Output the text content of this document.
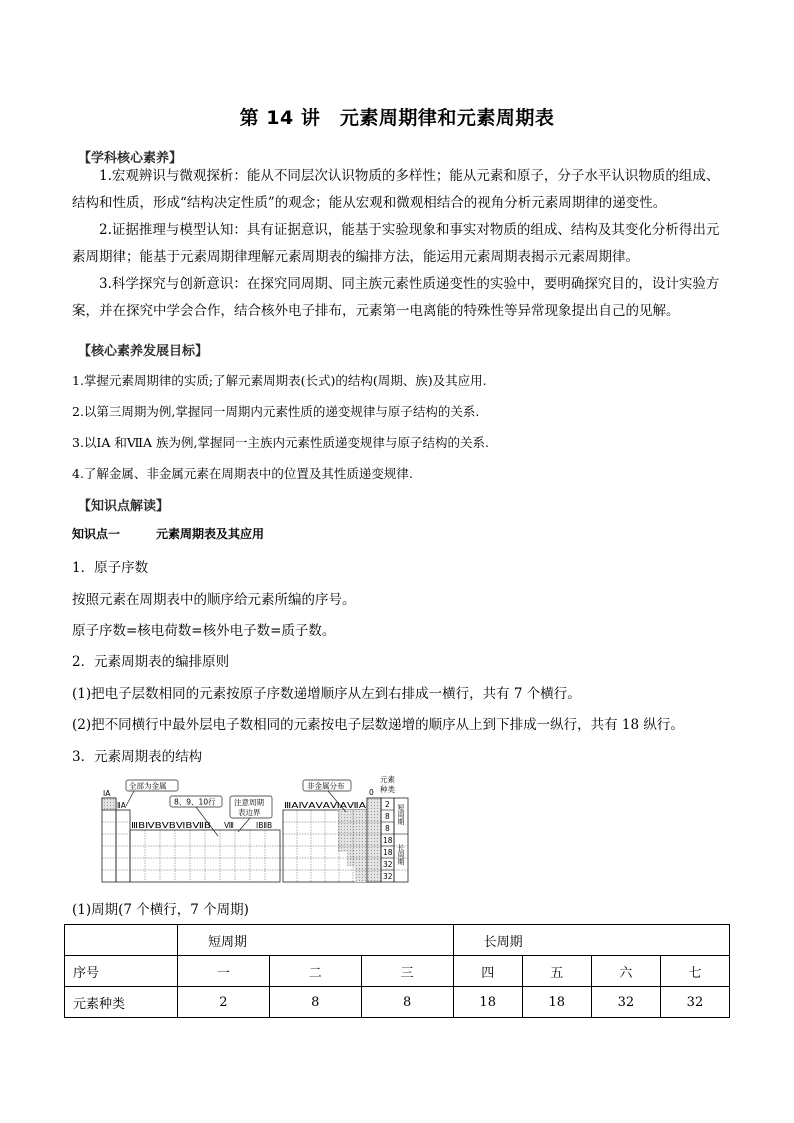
第 14 讲　元素周期律和元素周期表
【学科核心素养】
1.宏观辨识与微观探析：能从不同层次认识物质的多样性；能从元素和原子，分子水平认识物质的组成、结构和性质，形成“结构决定性质”的观念；能从宏观和微观相结合的视角分析元素周期律的递变性。
2.证据推理与模型认知：具有证据意识，能基于实验现象和事实对物质的组成、结构及其变化分析得出元素周期律；能基于元素周期律理解元素周期表的编排方法，能运用元素周期表揭示元素周期律。
3.科学探究与创新意识：在探究同周期、同主族元素性质递变性的实验中，要明确探究目的，设计实验方案，并在探究中学会合作，结合核外电子排布，元素第一电离能的特殊性等异常现象提出自己的见解。
【核心素养发展目标】
1.掌握元素周期律的实质;了解元素周期表(长式)的结构(周期、族)及其应用.
2.以第三周期为例,掌握同一周期内元素性质的递变规律与原子结构的关系.
3.以ⅠA 和ⅦA 族为例,掌握同一主族内元素性质递变规律与原子结构的关系.
4.了解金属、非金属元素在周期表中的位置及其性质递变规律.
【知识点解读】
知识点一	元素周期表及其应用
1．原子序数
按照元素在周期表中的顺序给元素所编的序号。
原子序数=核电荷数=核外电子数=质子数。
2．元素周期表的编排原则
(1)把电子层数相同的元素按原子序数递增顺序从左到右排成一横行，共有 7 个横行。
(2)把不同横行中最外层电子数相同的元素按电子层数递增的顺序从上到下排成一纵行，共有 18 纵行。
3．元素周期表的结构
ⅠA
ⅡA
全部为金属
8、9、10行 注意周期
表边界
非金属分布
ⅢBⅣBⅤBⅥBⅦB Ⅷ	ⅠBⅡB
ⅢAⅣAⅤAⅥAⅦA
0
元素
种类
2
8
8
18
18
32
32
短周期
长周期
(1)周期(7 个横行，7 个周期)
	短周期			长周期			
序号	一	二	三	四	五	六	七
元素种类	2	8	8	18	18	32	32
